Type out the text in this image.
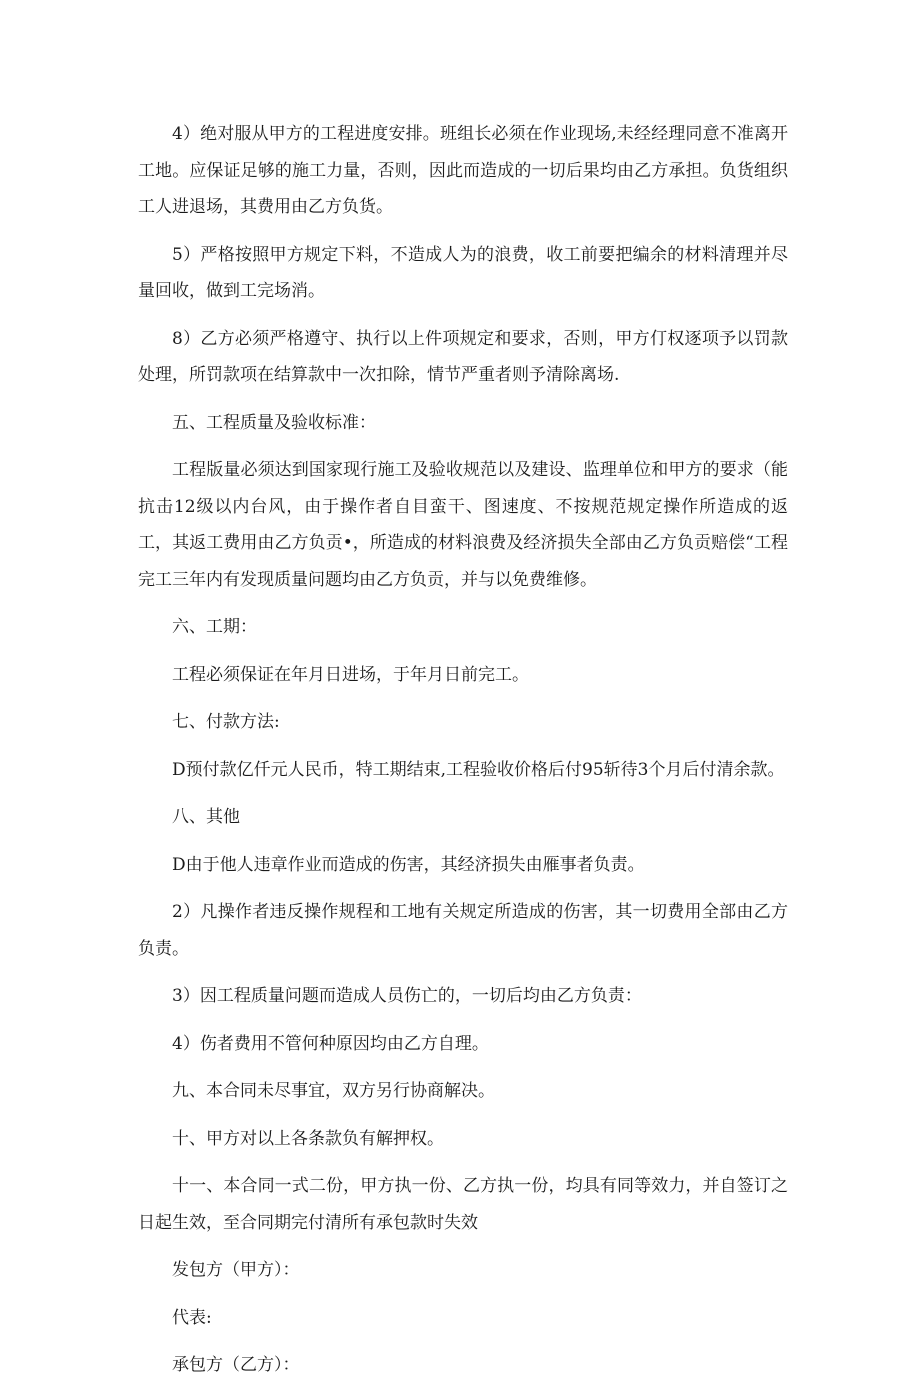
4）绝对服从甲方的工程进度安排。班组长必须在作业现场,未经经理同意不准离开工地。应保证足够的施工力量，否则，因此而造成的一切后果均由乙方承担。负货组织工人进退场，其费用由乙方负货。

5）严格按照甲方规定下料，不造成人为的浪费，收工前要把编余的材料清理并尽量回收，做到工完场消。

8）乙方必须严格遵守、执行以上件项规定和要求，否则，甲方仃权逐项予以罚款处理，所罚款项在结算款中一次扣除，情节严重者则予清除离场.

五、工程质量及验收标准：

工程版量必须达到国家现行施工及验收规范以及建设、监理单位和甲方的要求（能抗击12级以内台风，由于操作者自目蛮干、图速度、不按规范规定操作所造成的返工，其返工费用由乙方负贡•，所造成的材料浪费及经济损失全部由乙方负贡赔偿“工程完工三年内有发现质量问题均由乙方负贡，并与以免费维修。

六、工期：

工程必须保证在年月日进场，于年月日前完工。

七、付款方法:

D预付款亿仟元人民币，特工期结束,工程验收价格后付95斩待3个月后付清余款。

八、其他

D由于他人违章作业而造成的伤害，其经济损失由雁事者负责。

2）凡操作者违反操作规程和工地有关规定所造成的伤害，其一切费用全部由乙方负责。

3）因工程质量问题而造成人员伤亡的，一切后均由乙方负责：

4）伤者费用不管何种原因均由乙方自理。

九、本合同未尽事宜，双方另行协商解决。

十、甲方对以上各条款负有解押权。

十一、本合同一式二份，甲方执一份、乙方执一份，均具有同等效力，并自签订之日起生效，至合同期完付清所有承包款时失效

发包方（甲方）：

代表:

承包方（乙方）：
